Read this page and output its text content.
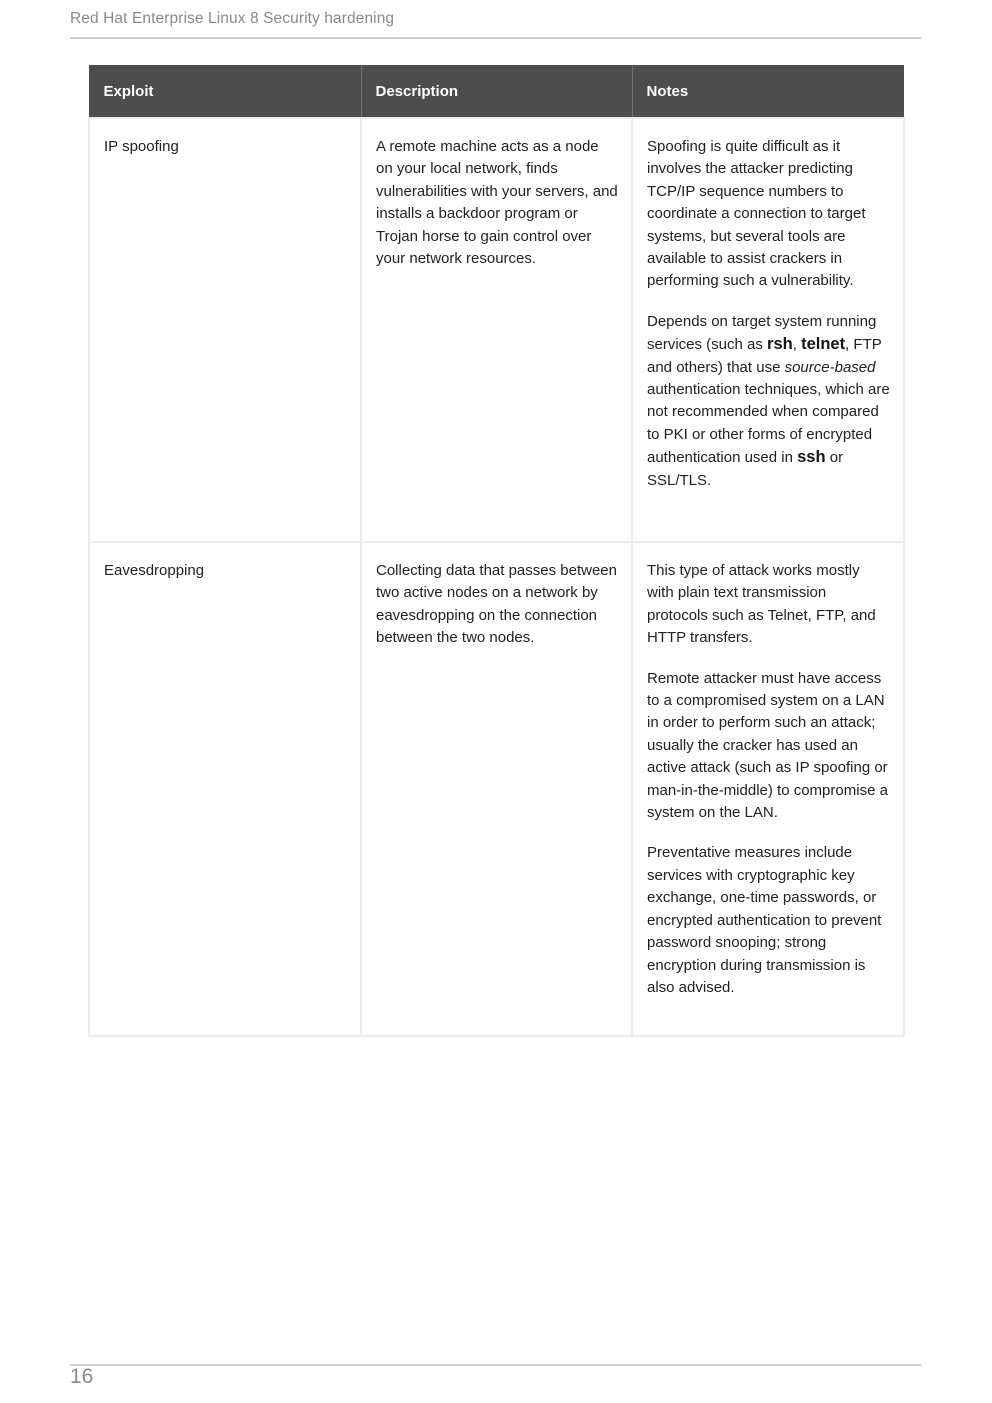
Red Hat Enterprise Linux 8 Security hardening
Exploit	Description	Notes
IP spoofing	A remote machine acts as a node on your local network, finds vulnerabilities with your servers, and installs a backdoor program or Trojan horse to gain control over your network resources.	Spoofing is quite difficult as it involves the attacker predicting TCP/IP sequence numbers to coordinate a connection to target systems, but several tools are available to assist crackers in performing such a vulnerability.

Depends on target system running services (such as rsh, telnet, FTP and others) that use source-based authentication techniques, which are not recommended when compared to PKI or other forms of encrypted authentication used in ssh or SSL/TLS.

Eavesdropping	Collecting data that passes between two active nodes on a network by eavesdropping on the connection between the two nodes.	This type of attack works mostly with plain text transmission protocols such as Telnet, FTP, and HTTP transfers.

Remote attacker must have access to a compromised system on a LAN in order to perform such an attack; usually the cracker has used an active attack (such as IP spoofing or man-in-the-middle) to compromise a system on the LAN.

Preventative measures include services with cryptographic key exchange, one-time passwords, or encrypted authentication to prevent password snooping; strong encryption during transmission is also advised.

16
